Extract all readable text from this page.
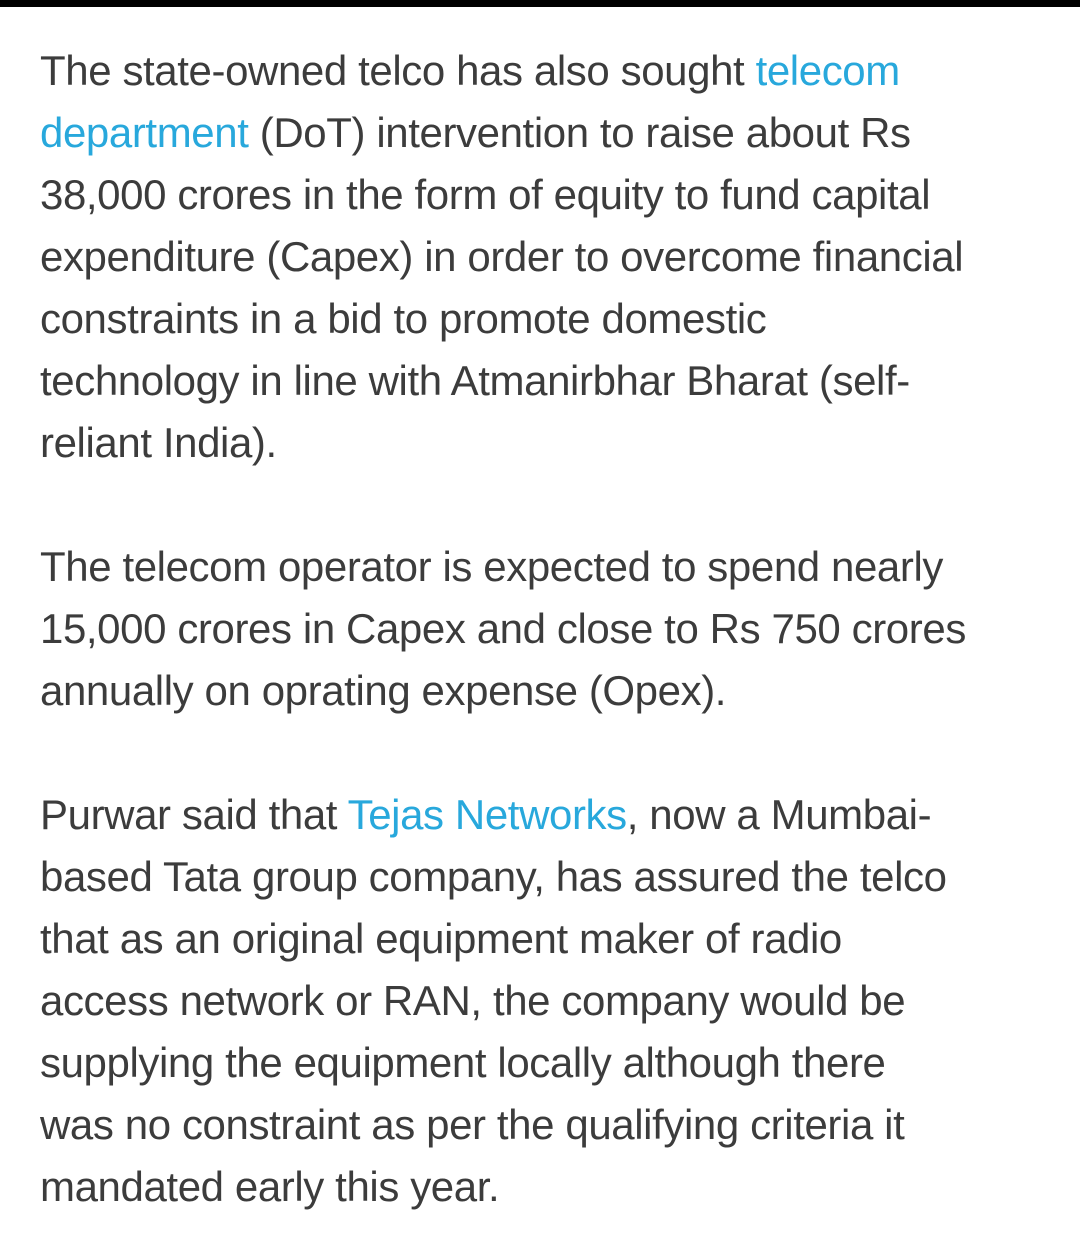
The state-owned telco has also sought telecom
department (DoT) intervention to raise about Rs
38,000 crores in the form of equity to fund capital
expenditure (Capex) in order to overcome financial
constraints in a bid to promote domestic
technology in line with Atmanirbhar Bharat (self-
reliant India).

The telecom operator is expected to spend nearly
15,000 crores in Capex and close to Rs 750 crores
annually on oprating expense (Opex).

Purwar said that Tejas Networks, now a Mumbai-
based Tata group company, has assured the telco
that as an original equipment maker of radio
access network or RAN, the company would be
supplying the equipment locally although there
was no constraint as per the qualifying criteria it
mandated early this year.
